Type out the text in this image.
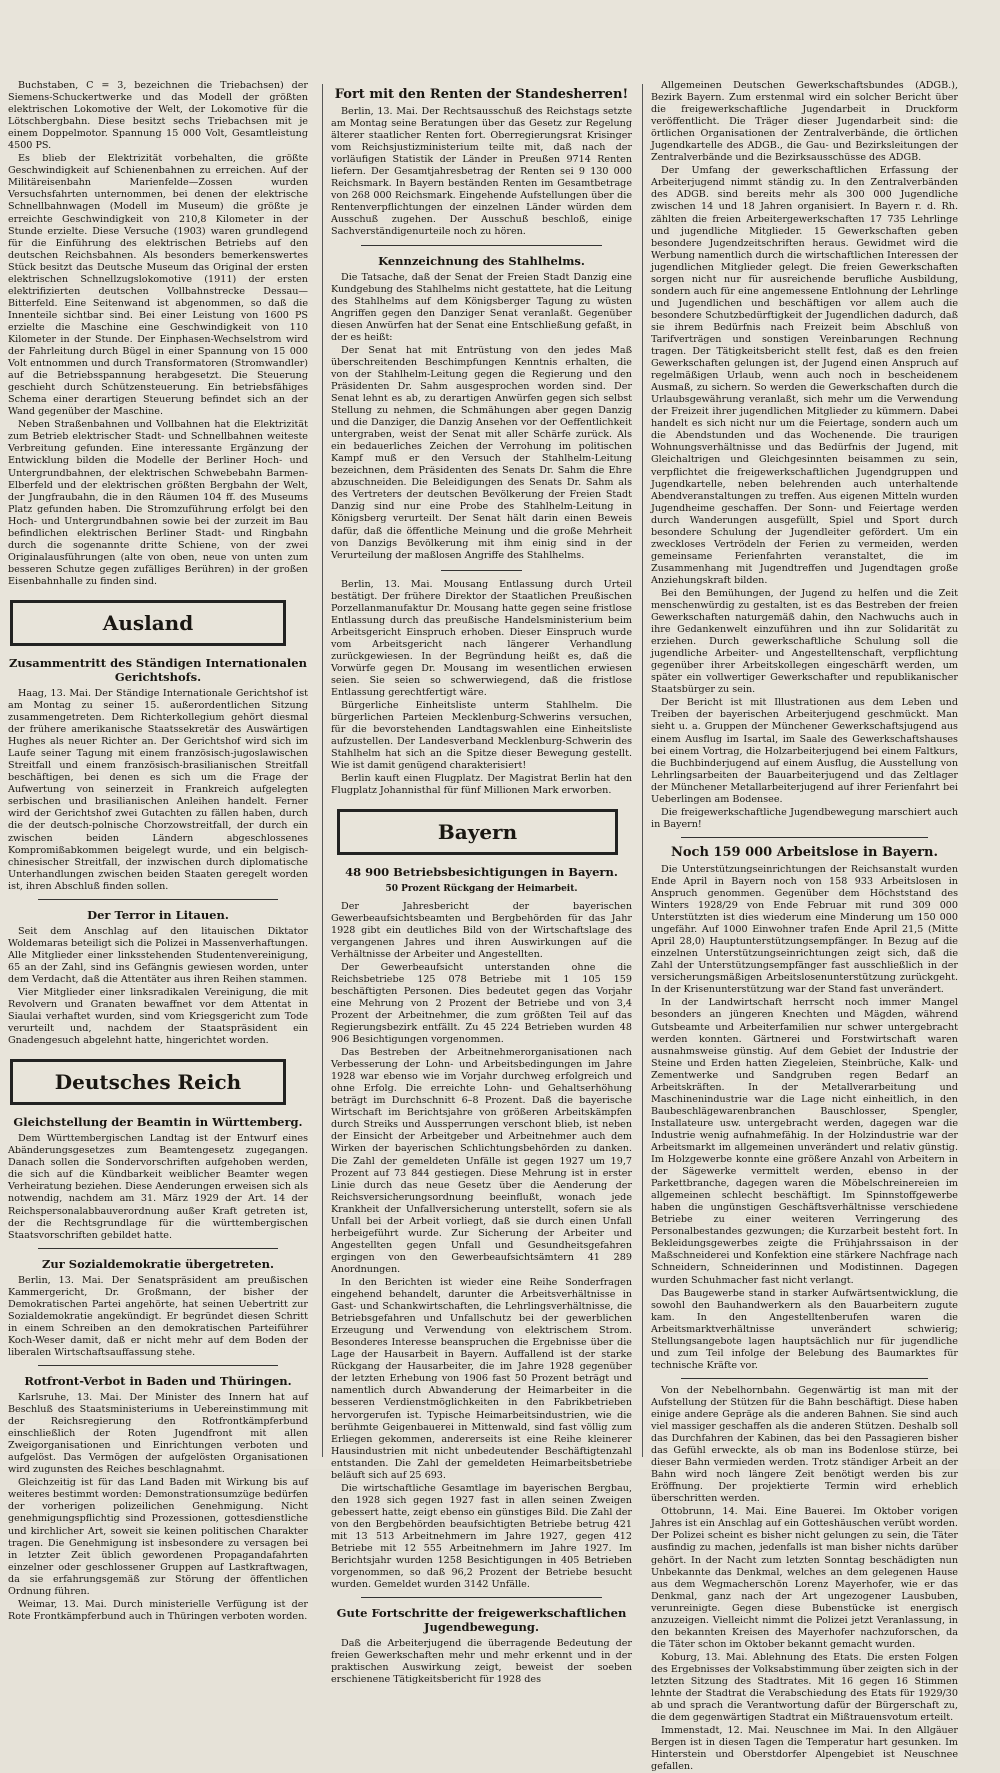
Buchstaben, C = 3, bezeichnen die Triebachsen) der Siemens-Schuckertwerke und das Modell der größten elektrischen Lokomotive der Welt, der Lokomotive für die Lötschbergbahn. Diese besitzt sechs Triebachsen mit je einem Doppelmotor. Spannung 15 000 Volt, Gesamtleistung 4500 PS.

Es blieb der Elektrizität vorbehalten, die größte Geschwindigkeit auf Schienenbahnen zu erreichen. Auf der Militäreisenbahn Marienfelde—Zossen wurden Versuchsfahrten unternommen, bei denen der elektrische Schnellbahnwagen (Modell im Museum) die größte je erreichte Geschwindigkeit von 210,8 Kilometer in der Stunde erzielte. Diese Versuche (1903) waren grundlegend für die Einführung des elektrischen Betriebs auf den deutschen Reichsbahnen. Als besonders bemerkenswertes Stück besitzt das Deutsche Museum das Original der ersten elektrischen Schnellzugslokomotive (1911) der ersten elektrifizierten deutschen Vollbahnstrecke Dessau—Bitterfeld. Eine Seitenwand ist abgenommen, so daß die Innenteile sichtbar sind. Bei einer Leistung von 1600 PS erzielte die Maschine eine Geschwindigkeit von 110 Kilometer in der Stunde. Der Einphasen-Wechselstrom wird der Fahrleitung durch Bügel in einer Spannung von 15 000 Volt entnommen und durch Transformatoren (Stromwandler) auf die Betriebsspannung herabgesetzt. Die Steuerung geschieht durch Schützensteuerung. Ein betriebsfähiges Schema einer derartigen Steuerung befindet sich an der Wand gegenüber der Maschine.

Neben Straßenbahnen und Vollbahnen hat die Elektrizität zum Betrieb elektrischer Stadt- und Schnellbahnen weiteste Verbreitung gefunden. Eine interessante Ergänzung der Entwicklung bilden die Modelle der Berliner Hoch- und Untergrundbahnen, der elektrischen Schwebebahn Barmen-Elberfeld und der elektrischen größten Bergbahn der Welt, der Jungfraubahn, die in den Räumen 104 ff. des Museums Platz gefunden haben. Die Stromzuführung erfolgt bei den Hoch- und Untergrundbahnen sowie bei der zurzeit im Bau befindlichen elektrischen Berliner Stadt- und Ringbahn durch die sogenannte dritte Schiene, von der zwei Originalausführungen (alte von oben, neue von unten zum besseren Schutze gegen zufälliges Berühren) in der großen Eisenbahnhalle zu finden sind.

Ausland
Zusammentritt des Ständigen Internationalen Gerichtshofs.

Haag, 13. Mai. Der Ständige Internationale Gerichtshof ist am Montag zu seiner 15. außerordentlichen Sitzung zusammengetreten. Dem Richterkollegium gehört diesmal der frühere amerikanische Staatssekretär des Auswärtigen Hughes als neuer Richter an. Der Gerichtshof wird sich im Laufe seiner Tagung mit einem französisch-jugoslawischen Streitfall und einem französisch-brasilianischen Streitfall beschäftigen, bei denen es sich um die Frage der Aufwertung von seinerzeit in Frankreich aufgelegten serbischen und brasilianischen Anleihen handelt. Ferner wird der Gerichtshof zwei Gutachten zu fällen haben, durch die der deutsch-polnische Chorzowstreitfall, der durch ein zwischen beiden Ländern abgeschlossenes Kompromißabkommen beigelegt wurde, und ein belgisch-chinesischer Streitfall, der inzwischen durch diplomatische Unterhandlungen zwischen beiden Staaten geregelt worden ist, ihren Abschluß finden sollen.

Der Terror in Litauen.

Seit dem Anschlag auf den litauischen Diktator Woldemaras beteiligt sich die Polizei in Massenverhaftungen. Alle Mitglieder einer linksstehenden Studentenvereinigung, 65 an der Zahl, sind ins Gefängnis gewiesen worden, unter dem Verdacht, daß die Attentäter aus ihren Reihen stammen.

Vier Mitglieder einer linksradikalen Vereinigung, die mit Revolvern und Granaten bewaffnet vor dem Attentat in Siaulai verhaftet wurden, sind vom Kriegsgericht zum Tode verurteilt und, nachdem der Staatspräsident ein Gnadengesuch abgelehnt hatte, hingerichtet worden.

Deutsches Reich
Gleichstellung der Beamtin in Württemberg.

Dem Württembergischen Landtag ist der Entwurf eines Abänderungsgesetzes zum Beamtengesetz zugegangen. Danach sollen die Sondervorschriften aufgehoben werden, die sich auf die Kündbarkeit weiblicher Beamter wegen Verheiratung beziehen. Diese Aenderungen erweisen sich als notwendig, nachdem am 31. März 1929 der Art. 14 der Reichspersonalabbauverordnung außer Kraft getreten ist, der die Rechtsgrundlage für die württembergischen Staatsvorschriften gebildet hatte.

Zur Sozialdemokratie übergetreten.

Berlin, 13. Mai. Der Senatspräsident am preußischen Kammergericht, Dr. Großmann, der bisher der Demokratischen Partei angehörte, hat seinen Uebertritt zur Sozialdemokratie angekündigt. Er begründet diesen Schritt in einem Schreiben an den demokratischen Parteiführer Koch-Weser damit, daß er nicht mehr auf dem Boden der liberalen Wirtschaftsauffassung stehe.

Rotfront-Verbot in Baden und Thüringen.

Karlsruhe, 13. Mai. Der Minister des Innern hat auf Beschluß des Staatsministeriums in Uebereinstimmung mit der Reichsregierung den Rotfrontkämpferbund einschließlich der Roten Jugendfront mit allen Zweigorganisationen und Einrichtungen verboten und aufgelöst. Das Vermögen der aufgelösten Organisationen wird zugunsten des Reiches beschlagnahmt.

Gleichzeitig ist für das Land Baden mit Wirkung bis auf weiteres bestimmt worden: Demonstrationsumzüge bedürfen der vorherigen polizeilichen Genehmigung. Nicht genehmigungspflichtig sind Prozessionen, gottesdienstliche und kirchlicher Art, soweit sie keinen politischen Charakter tragen. Die Genehmigung ist insbesondere zu versagen bei in letzter Zeit üblich gewordenen Propagandafahrten einzelner oder geschlossener Gruppen auf Lastkraftwagen, da sie erfahrungsgemäß zur Störung der öffentlichen Ordnung führen.

Weimar, 13. Mai. Durch ministerielle Verfügung ist der Rote Frontkämpferbund auch in Thüringen verboten worden.

Fort mit den Renten der Standesherren!

Berlin, 13. Mai. Der Rechtsausschuß des Reichstags setzte am Montag seine Beratungen über das Gesetz zur Regelung älterer staatlicher Renten fort. Oberregierungsrat Krisinger vom Reichsjustizministerium teilte mit, daß nach der vorläufigen Statistik der Länder in Preußen 9714 Renten liefern. Der Gesamtjahresbetrag der Renten sei 9 130 000 Reichsmark. In Bayern beständen Renten im Gesamtbetrage von 268 000 Reichsmark. Eingehende Aufstellungen über die Rentenverpflichtungen der einzelnen Länder würden dem Ausschuß zugehen. Der Ausschuß beschloß, einige Sachverständigenurteile noch zu hören.

Kennzeichnung des Stahlhelms.

Die Tatsache, daß der Senat der Freien Stadt Danzig eine Kundgebung des Stahlhelms nicht gestattete, hat die Leitung des Stahlhelms auf dem Königsberger Tagung zu wüsten Angriffen gegen den Danziger Senat veranlaßt. Gegenüber diesen Anwürfen hat der Senat eine Entschließung gefaßt, in der es heißt:

Der Senat hat mit Entrüstung von den jedes Maß überschreitenden Beschimpfungen Kenntnis erhalten, die von der Stahlhelm-Leitung gegen die Regierung und den Präsidenten Dr. Sahm ausgesprochen worden sind. Der Senat lehnt es ab, zu derartigen Anwürfen gegen sich selbst Stellung zu nehmen, die Schmähungen aber gegen Danzig und die Danziger, die Danzig Ansehen vor der Oeffentlichkeit untergraben, weist der Senat mit aller Schärfe zurück. Als ein bedauerliches Zeichen der Verrohung im politischen Kampf muß er den Versuch der Stahlhelm-Leitung bezeichnen, dem Präsidenten des Senats Dr. Sahm die Ehre abzuschneiden. Die Beleidigungen des Senats Dr. Sahm als des Vertreters der deutschen Bevölkerung der Freien Stadt Danzig sind nur eine Probe des Stahlhelm-Leitung in Königsberg verurteilt. Der Senat hält darin einen Beweis dafür, daß die öffentliche Meinung und die große Mehrheit von Danzigs Bevölkerung mit ihm einig sind in der Verurteilung der maßlosen Angriffe des Stahlhelms.

Berlin, 13. Mai. Mousang Entlassung durch Urteil bestätigt. Der frühere Direktor der Staatlichen Preußischen Porzellanmanufaktur Dr. Mousang hatte gegen seine fristlose Entlassung durch das preußische Handelsministerium beim Arbeitsgericht Einspruch erhoben. Dieser Einspruch wurde vom Arbeitsgericht nach längerer Verhandlung zurückgewiesen. In der Begründung heißt es, daß die Vorwürfe gegen Dr. Mousang im wesentlichen erwiesen seien. Sie seien so schwerwiegend, daß die fristlose Entlassung gerechtfertigt wäre.

Bürgerliche Einheitsliste unterm Stahlhelm. Die bürgerlichen Parteien Mecklenburg-Schwerins versuchen, für die bevorstehenden Landtagswahlen eine Einheitsliste aufzustellen. Der Landesverband Mecklenburg-Schwerin des Stahlhelm hat sich an die Spitze dieser Bewegung gestellt. Wie ist damit genügend charakterisiert!

Berlin kauft einen Flugplatz. Der Magistrat Berlin hat den Flugplatz Johannisthal für fünf Millionen Mark erworben.

Bayern
48 900 Betriebsbesichtigungen in Bayern.
50 Prozent Rückgang der Heimarbeit.

Der Jahresbericht der bayerischen Gewerbeaufsichtsbeamten und Bergbehörden für das Jahr 1928 gibt ein deutliches Bild von der Wirtschaftslage des vergangenen Jahres und ihren Auswirkungen auf die Verhältnisse der Arbeiter und Angestellten.

Der Gewerbeaufsicht unterstanden ohne die Reichsbetriebe 125 078 Betriebe mit 1 105 159 beschäftigten Personen. Dies bedeutet gegen das Vorjahr eine Mehrung von 2 Prozent der Betriebe und von 3,4 Prozent der Arbeitnehmer, die zum größten Teil auf das Regierungsbezirk entfällt. Zu 45 224 Betrieben wurden 48 906 Besichtigungen vorgenommen.

Das Bestreben der Arbeitnehmerorganisationen nach Verbesserung der Lohn- und Arbeitsbedingungen im Jahre 1928 war ebenso wie im Vorjahr durchweg erfolgreich und ohne Erfolg. Die erreichte Lohn- und Gehaltserhöhung beträgt im Durchschnitt 6–8 Prozent. Daß die bayerische Wirtschaft im Berichtsjahre von größeren Arbeitskämpfen durch Streiks und Aussperrungen verschont blieb, ist neben der Einsicht der Arbeitgeber und Arbeitnehmer auch dem Wirken der bayerischen Schlichtungsbehörden zu danken. Die Zahl der gemeldeten Unfälle ist gegen 1927 um 19,7 Prozent auf 73 844 gestiegen. Diese Mehrung ist in erster Linie durch das neue Gesetz über die Aenderung der Reichsversicherungsordnung beeinflußt, wonach jede Krankheit der Unfallversicherung unterstellt, sofern sie als Unfall bei der Arbeit vorliegt, daß sie durch einen Unfall herbeigeführt wurde. Zur Sicherung der Arbeiter und Angestellten gegen Unfall und Gesundheitsgefahren ergingen von den Gewerbeaufsichtsämtern 41 289 Anordnungen.

In den Berichten ist wieder eine Reihe Sonderfragen eingehend behandelt, darunter die Arbeitsverhältnisse in Gast- und Schankwirtschaften, die Lehrlingsverhältnisse, die Betriebsgefahren und Unfallschutz bei der gewerblichen Erzeugung und Verwendung von elektrischem Strom. Besonderes Interesse beanspruchen die Ergebnisse über die Lage der Hausarbeit in Bayern. Auffallend ist der starke Rückgang der Hausarbeiter, die im Jahre 1928 gegenüber der letzten Erhebung von 1906 fast 50 Prozent beträgt und namentlich durch Abwanderung der Heimarbeiter in die besseren Verdienstmöglichkeiten in den Fabrikbetrieben hervorgerufen ist. Typische Heimarbeitsindustrien, wie die berühmte Geigenbauerei in Mittenwald, sind fast völlig zum Erliegen gekommen, andererseits ist eine Reihe kleinerer Hausindustrien mit nicht unbedeutender Beschäftigtenzahl entstanden. Die Zahl der gemeldeten Heimarbeitsbetriebe beläuft sich auf 25 693.

Die wirtschaftliche Gesamtlage im bayerischen Bergbau, den 1928 sich gegen 1927 fast in allen seinen Zweigen gebessert hatte, zeigt ebenso ein günstiges Bild. Die Zahl der von den Bergbehörden beaufsichtigten Betriebe betrug 421 mit 13 513 Arbeitnehmern im Jahre 1927, gegen 412 Betriebe mit 12 555 Arbeitnehmern im Jahre 1927. Im Berichtsjahr wurden 1258 Besichtigungen in 405 Betrieben vorgenommen, so daß 96,2 Prozent der Betriebe besucht wurden. Gemeldet wurden 3142 Unfälle.

Gute Fortschritte der freigewerkschaftlichen Jugendbewegung.

Daß die Arbeiterjugend die überragende Bedeutung der freien Gewerkschaften mehr und mehr erkennt und in der praktischen Auswirkung zeigt, beweist der soeben erschienene Tätigkeitsbericht für 1928 des

Allgemeinen Deutschen Gewerkschaftsbundes (ADGB.), Bezirk Bayern. Zum erstenmal wird ein solcher Bericht über die freigewerkschaftliche Jugendarbeit in Druckform veröffentlicht. Die Träger dieser Jugendarbeit sind: die örtlichen Organisationen der Zentralverbände, die örtlichen Jugendkartelle des ADGB., die Gau- und Bezirksleitungen der Zentralverbände und die Bezirksausschüsse des ADGB.

Der Umfang der gewerkschaftlichen Erfassung der Arbeiterjugend nimmt ständig zu. In den Zentralverbänden des ADGB. sind bereits mehr als 300 000 Jugendliche zwischen 14 und 18 Jahren organisiert. In Bayern r. d. Rh. zählten die freien Arbeitergewerkschaften 17 735 Lehrlinge und jugendliche Mitglieder. 15 Gewerkschaften geben besondere Jugendzeitschriften heraus. Gewidmet wird die Werbung namentlich durch die wirtschaftlichen Interessen der jugendlichen Mitglieder gelegt. Die freien Gewerkschaften sorgen nicht nur für ausreichende berufliche Ausbildung, sondern auch für eine angemessene Entlohnung der Lehrlinge und Jugendlichen und beschäftigen vor allem auch die besondere Schutzbedürftigkeit der Jugendlichen dadurch, daß sie ihrem Bedürfnis nach Freizeit beim Abschluß von Tarifverträgen und sonstigen Vereinbarungen Rechnung tragen. Der Tätigkeitsbericht stellt fest, daß es den freien Gewerkschaften gelungen ist, der Jugend einen Anspruch auf regelmäßigen Urlaub, wenn auch noch in bescheidenem Ausmaß, zu sichern. So werden die Gewerkschaften durch die Urlaubsgewährung veranlaßt, sich mehr um die Verwendung der Freizeit ihrer jugendlichen Mitglieder zu kümmern. Dabei handelt es sich nicht nur um die Feiertage, sondern auch um die Abendstunden und das Wochenende. Die traurigen Wohnungsverhältnisse und das Bedürfnis der Jugend, mit Gleichaltrigen und Gleichgesinnten beisammen zu sein, verpflichtet die freigewerkschaftlichen Jugendgruppen und Jugendkartelle, neben belehrenden auch unterhaltende Abendveranstaltungen zu treffen. Aus eigenen Mitteln wurden Jugendheime geschaffen. Der Sonn- und Feiertage werden durch Wanderungen ausgefüllt, Spiel und Sport durch besondere Schulung der Jugendleiter gefördert. Um ein zweckloses Vertrödeln der Ferien zu vermeiden, werden gemeinsame Ferienfahrten veranstaltet, die im Zusammenhang mit Jugendtreffen und Jugendtagen große Anziehungskraft bilden.

Bei den Bemühungen, der Jugend zu helfen und die Zeit menschenwürdig zu gestalten, ist es das Bestreben der freien Gewerkschaften naturgemäß dahin, den Nachwuchs auch in ihre Gedankenwelt einzuführen und ihn zur Solidarität zu erziehen. Durch gewerkschaftliche Schulung soll die jugendliche Arbeiter- und Angestelltenschaft, verpflichtung gegenüber ihrer Arbeitskollegen eingeschärft werden, um später ein vollwertiger Gewerkschafter und republikanischer Staatsbürger zu sein.

Der Bericht ist mit Illustrationen aus dem Leben und Treiben der bayerischen Arbeiterjugend geschmückt. Man sieht u. a. Gruppen der Münchener Gewerkschaftsjugend aus einem Ausflug im Isartal, im Saale des Gewerkschaftshauses bei einem Vortrag, die Holzarbeiterjugend bei einem Faltkurs, die Buchbinderjugend auf einem Ausflug, die Ausstellung von Lehrlingsarbeiten der Bauarbeiterjugend und das Zeltlager der Münchener Metallarbeiterjugend auf ihrer Ferienfahrt bei Ueberlingen am Bodensee.

Die freigewerkschaftliche Jugendbewegung marschiert auch in Bayern!

Noch 159 000 Arbeitslose in Bayern.

Die Unterstützungseinrichtungen der Reichsanstalt wurden Ende April in Bayern noch von 158 933 Arbeitslosen in Anspruch genommen. Gegenüber dem Höchststand des Winters 1928/29 von Ende Februar mit rund 309 000 Unterstützten ist dies wiederum eine Minderung um 150 000 ungefähr. Auf 1000 Einwohner trafen Ende April 21,5 (Mitte April 28,0) Hauptunterstützungsempfänger. In Bezug auf die einzelnen Unterstützungseinrichtungen zeigt sich, daß die Zahl der Unterstützungsempfänger fast ausschließlich in der versicherungsmäßigen Arbeitslosenunterstützung zurückgeht. In der Krisenunterstützung war der Stand fast unverändert.

In der Landwirtschaft herrscht noch immer Mangel besonders an jüngeren Knechten und Mägden, während Gutsbeamte und Arbeiterfamilien nur schwer untergebracht werden konnten. Gärtnerei und Forstwirtschaft waren ausnahmsweise günstig. Auf dem Gebiet der Industrie der Steine und Erden hatten Ziegeleien, Steinbrüche, Kalk- und Zementwerke und Sandgruben regen Bedarf an Arbeitskräften. In der Metallverarbeitung und Maschinenindustrie war die Lage nicht einheitlich, in den Baubeschlägewarenbranchen Bauschlosser, Spengler, Installateure usw. untergebracht werden, dagegen war die Industrie wenig aufnahmefähig. In der Holzindustrie war der Arbeitsmarkt im allgemeinen unverändert und relativ günstig. Im Holzgewerbe konnte eine größere Anzahl von Arbeitern in der Sägewerke vermittelt werden, ebenso in der Parkettbranche, dagegen waren die Möbelschreinereien im allgemeinen schlecht beschäftigt. Im Spinnstoffgewerbe haben die ungünstigen Geschäftsverhältnisse verschiedene Betriebe zu einer weiteren Verringerung des Personalbestandes gezwungen; die Kurzarbeit besteht fort. In Bekleidungsgewerbes zeigte die Frühjahrssaison in der Maßschneiderei und Konfektion eine stärkere Nachfrage nach Schneidern, Schneiderinnen und Modistinnen. Dagegen wurden Schuhmacher fast nicht verlangt.

Das Baugewerbe stand in starker Aufwärtsentwicklung, die sowohl den Bauhandwerkern als den Bauarbeitern zugute kam. In den Angestelltenberufen waren die Arbeitsmarktverhältnisse unverändert schwierig; Stellungsangebote lagen hauptsächlich nur für jugendliche und zum Teil infolge der Belebung des Baumarktes für technische Kräfte vor.

Von der Nebelhornbahn. Gegenwärtig ist man mit der Aufstellung der Stützen für die Bahn beschäftigt. Diese haben einige andere Gepräge als die anderen Bahnen. Sie sind auch viel massiger geschaffen als die anderen Stützen. Deshalb soll das Durchfahren der Kabinen, das bei den Passagieren bisher das Gefühl erweckte, als ob man ins Bodenlose stürze, bei dieser Bahn vermieden werden. Trotz ständiger Arbeit an der Bahn wird noch längere Zeit benötigt werden bis zur Eröffnung. Der projektierte Termin wird erheblich überschritten werden.

Ottobrunn, 14. Mai. Eine Bauerei. Im Oktober vorigen Jahres ist ein Anschlag auf ein Gotteshäuschen verübt worden. Der Polizei scheint es bisher nicht gelungen zu sein, die Täter ausfindig zu machen, jedenfalls ist man bisher nichts darüber gehört. In der Nacht zum letzten Sonntag beschädigten nun Unbekannte das Denkmal, welches an dem gelegenen Hause aus dem Wegmacherschön Lorenz Mayerhofer, wie er das Denkmal, ganz nach der Art ungezogener Lausbuben, verunreinigte. Gegen diese Bubenstücke ist energisch anzuzeigen. Vielleicht nimmt die Polizei jetzt Veranlassung, in den bekannten Kreisen des Mayerhofer nachzuforschen, da die Täter schon im Oktober bekannt gemacht wurden.

Koburg, 13. Mai. Ablehnung des Etats. Die ersten Folgen des Ergebnisses der Volksabstimmung über zeigten sich in der letzten Sitzung des Stadtrates. Mit 16 gegen 16 Stimmen lehnte der Stadtrat die Verabschiedung des Etats für 1929/30 ab und sprach die Verantwortung dafür der Bürgerschaft zu, die dem gegenwärtigen Stadtrat ein Mißtrauensvotum erteilt.

Immenstadt, 12. Mai. Neuschnee im Mai. In den Allgäuer Bergen ist in diesen Tagen die Temperatur hart gesunken. Im Hinterstein und Oberstdorfer Alpengebiet ist Neuschnee gefallen.
